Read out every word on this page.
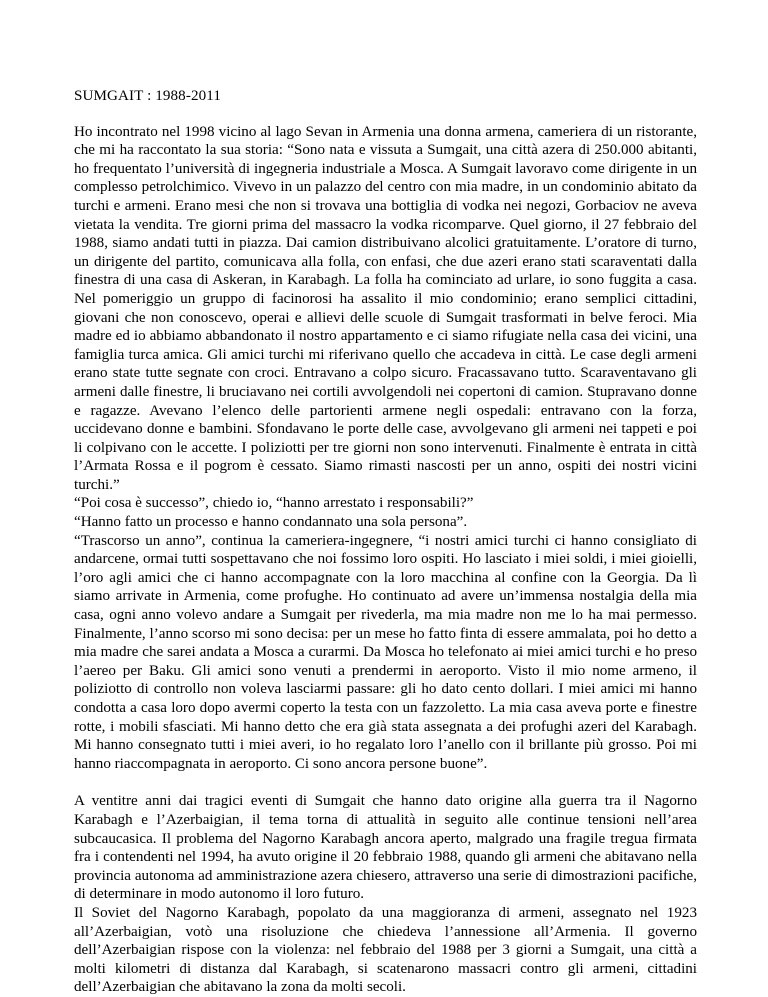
SUMGAIT : 1988-2011

Ho incontrato nel 1998 vicino al lago Sevan in Armenia una donna armena, cameriera di un ristorante, che mi ha raccontato la sua storia: “Sono nata e vissuta a Sumgait, una città azera di 250.000 abitanti, ho frequentato l’università di ingegneria industriale a Mosca. A Sumgait lavoravo come dirigente in un complesso petrolchimico. Vivevo in un palazzo del centro con mia madre, in un condominio abitato da turchi e armeni. Erano mesi che non si trovava una bottiglia di vodka nei negozi, Gorbaciov ne aveva vietata la vendita. Tre giorni prima del massacro la vodka ricomparve. Quel giorno, il 27 febbraio del 1988, siamo andati tutti in piazza. Dai camion distribuivano alcolici gratuitamente. L’oratore di turno, un dirigente del partito, comunicava alla folla, con enfasi, che due azeri erano stati scaraventati dalla finestra di una casa di Askeran, in Karabagh. La folla ha cominciato ad urlare, io sono fuggita a casa. Nel pomeriggio un gruppo di facinorosi ha assalito il mio condominio; erano semplici cittadini, giovani che non conoscevo, operai e allievi delle scuole di Sumgait trasformati in belve feroci. Mia madre ed io abbiamo abbandonato il nostro appartamento e ci siamo rifugiate nella casa dei vicini, una famiglia turca amica. Gli amici turchi mi riferivano quello che accadeva in città. Le case degli armeni erano state tutte segnate con croci. Entravano a colpo sicuro. Fracassavano tutto. Scaraventavano gli armeni dalle finestre, li bruciavano nei cortili avvolgendoli nei copertoni di camion. Stupravano donne e ragazze. Avevano l’elenco delle partorienti armene negli ospedali: entravano con la forza, uccidevano donne e bambini. Sfondavano le porte delle case, avvolgevano gli armeni nei tappeti e poi li colpivano con le accette. I poliziotti per tre giorni non sono intervenuti. Finalmente è entrata in città l’Armata Rossa e il pogrom è cessato. Siamo rimasti nascosti per un anno, ospiti dei nostri vicini turchi.”

“Poi cosa è successo”, chiedo io, “hanno arrestato i responsabili?”

“Hanno fatto un processo e hanno condannato una sola persona”.

“Trascorso un anno”, continua la cameriera-ingegnere, “i nostri amici turchi ci hanno consigliato di andarcene, ormai tutti sospettavano che noi fossimo loro ospiti. Ho lasciato i miei soldi, i miei gioielli, l’oro agli amici che ci hanno accompagnate con la loro macchina al confine con la Georgia. Da lì siamo arrivate in Armenia, come profughe. Ho continuato ad avere un’immensa nostalgia della mia casa, ogni anno volevo andare a Sumgait per rivederla, ma mia madre non me lo ha mai permesso. Finalmente, l’anno scorso mi sono decisa: per un mese ho fatto finta di essere ammalata, poi ho detto a mia madre che sarei andata a Mosca a curarmi. Da Mosca ho telefonato ai miei amici turchi e ho preso l’aereo per Baku. Gli amici sono venuti a prendermi in aeroporto. Visto il mio nome armeno, il poliziotto di controllo non voleva lasciarmi passare: gli ho dato cento dollari. I miei amici mi hanno condotta a casa loro dopo avermi coperto la testa con un fazzoletto. La mia casa aveva porte e finestre rotte, i mobili sfasciati. Mi hanno detto che era già stata assegnata a dei profughi azeri del Karabagh. Mi hanno consegnato tutti i miei averi, io ho regalato loro l’anello con il brillante più grosso. Poi mi hanno riaccompagnata in aeroporto. Ci sono ancora persone buone”.

A ventitre anni dai tragici eventi di Sumgait che hanno dato origine alla guerra tra il Nagorno Karabagh e l’Azerbaigian, il tema torna di attualità in seguito alle continue tensioni nell’area subcaucasica. Il problema del Nagorno Karabagh ancora aperto, malgrado una fragile tregua firmata fra i contendenti nel 1994, ha avuto origine il 20 febbraio 1988, quando gli armeni che abitavano nella provincia autonoma ad amministrazione azera chiesero, attraverso una serie di dimostrazioni pacifiche, di determinare in modo autonomo il loro futuro.

Il Soviet del Nagorno Karabagh, popolato da una maggioranza di armeni, assegnato nel 1923 all’Azerbaigian, votò una risoluzione che chiedeva l’annessione all’Armenia. Il governo dell’Azerbaigian rispose con la violenza: nel febbraio del 1988 per 3 giorni a Sumgait, una città a molti kilometri di distanza dal Karabagh, si scatenarono massacri contro gli armeni, cittadini dell’Azerbaigian che abitavano la zona da molti secoli.
